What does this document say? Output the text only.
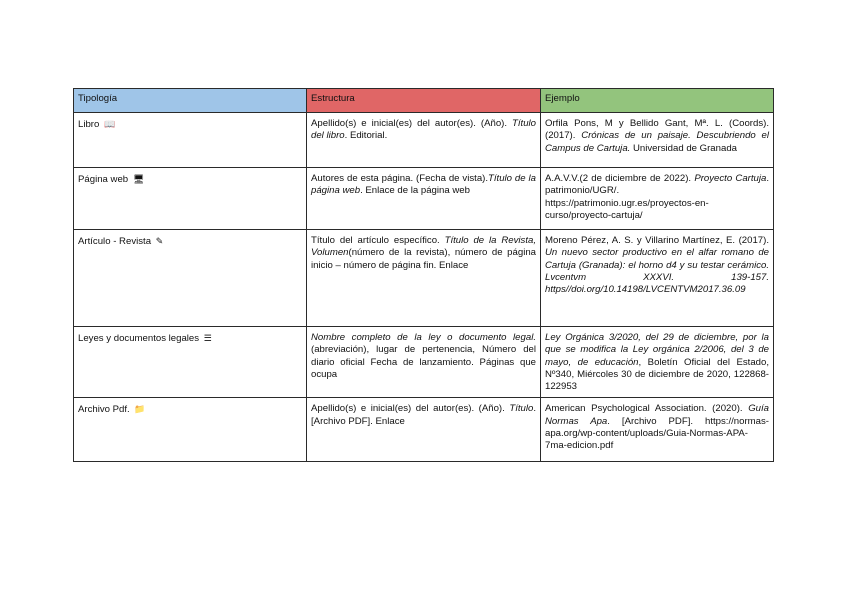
Tipología	Estructura	Ejemplo
Libro 📖	Apellido(s) e inicial(es) del autor(es). (Año). Título del libro. Editorial.	Orfila Pons, M y Bellido Gant, Mª. L. (Coords).(2017). Crónicas de un paisaje. Descubriendo el Campus de Cartuja. Universidad de Granada
Página web 🖥	Autores de esta página. (Fecha de vista).Título de la página web. Enlace de la página web	A.A.V.V.(2 de diciembre de 2022). Proyecto Cartuja. patrimonio/UGR/. https://patrimonio.ugr.es/proyectos-en-curso/proyecto-cartuja/
Artículo - Revista ✎	Título del artículo específico. Título de la Revista, Volumen(número de la revista), número de página inicio – número de página fin. Enlace	Moreno Pérez, A. S. y Villarino Martínez, E. (2017). Un nuevo sector productivo en el alfar romano de Cartuja (Granada): el horno d4 y su testar cerámico. Lvcentvm XXXVI. 139-157. https//doi.org/10.14198/LVCENTVM2017.36.09
Leyes y documentos legales ☰	Nombre completo de la ley o documento legal. (abreviación), lugar de pertenencia, Número del diario oficial Fecha de lanzamiento. Páginas que ocupa	Ley Orgánica 3/2020, del 29 de diciembre, por la que se modifica la Ley orgánica 2/2006, del 3 de mayo, de educación, Boletín Oficial del Estado, Nº340, Miércoles 30 de diciembre de 2020, 122868-122953
Archivo Pdf. 📁	Apellido(s) e inicial(es) del autor(es). (Año). Título. [Archivo PDF]. Enlace	American Psychological Association. (2020). Guía Normas Apa. [Archivo PDF]. https://normas-apa.org/wp-content/uploads/Guia-Normas-APA-7ma-edicion.pdf
